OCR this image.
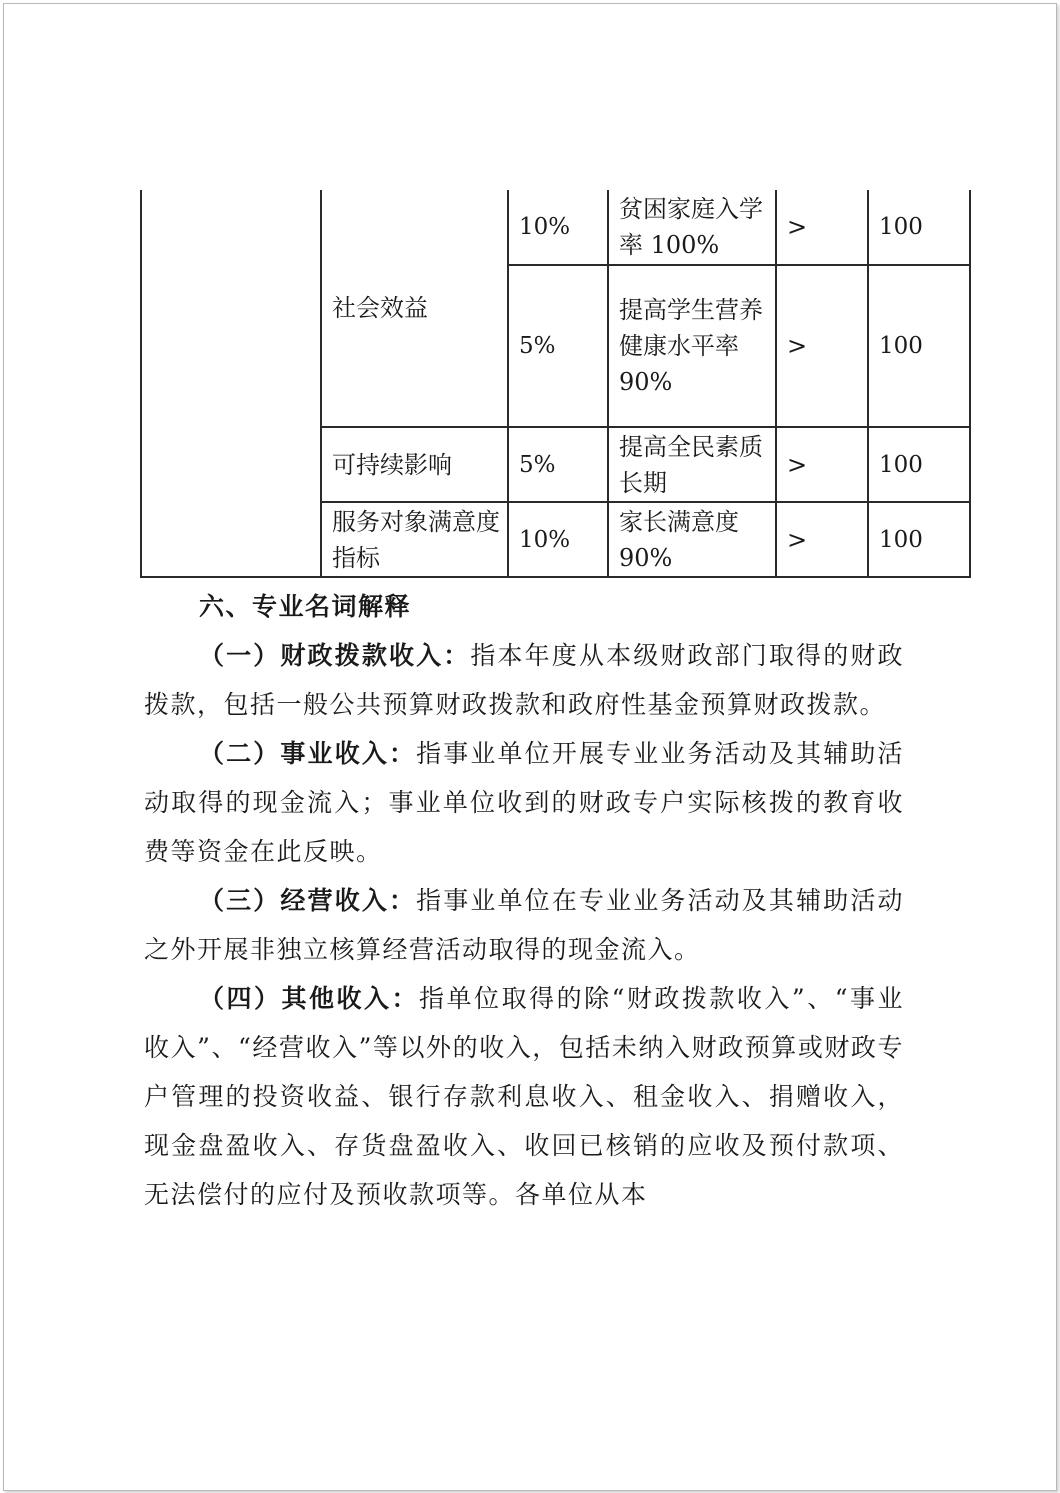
	社会效益	10%	贫困家庭入学率 100%	>	100
		5%	提高学生营养健康水平率 90%	>	100
	可持续影响	5%	提高全民素质长期	>	100
	服务对象满意度指标	10%	家长满意度 90%	>	100
六、专业名词解释

（一）财政拨款收入：指本年度从本级财政部门取得的财政拨款，包括一般公共预算财政拨款和政府性基金预算财政拨款。

（二）事业收入：指事业单位开展专业业务活动及其辅助活动取得的现金流入；事业单位收到的财政专户实际核拨的教育收费等资金在此反映。

（三）经营收入：指事业单位在专业业务活动及其辅助活动之外开展非独立核算经营活动取得的现金流入。

（四）其他收入：指单位取得的除“财政拨款收入”、“事业收入”、“经营收入”等以外的收入，包括未纳入财政预算或财政专户管理的投资收益、银行存款利息收入、租金收入、捐赠收入，现金盘盈收入、存货盘盈收入、收回已核销的应收及预付款项、无法偿付的应付及预收款项等。各单位从本
